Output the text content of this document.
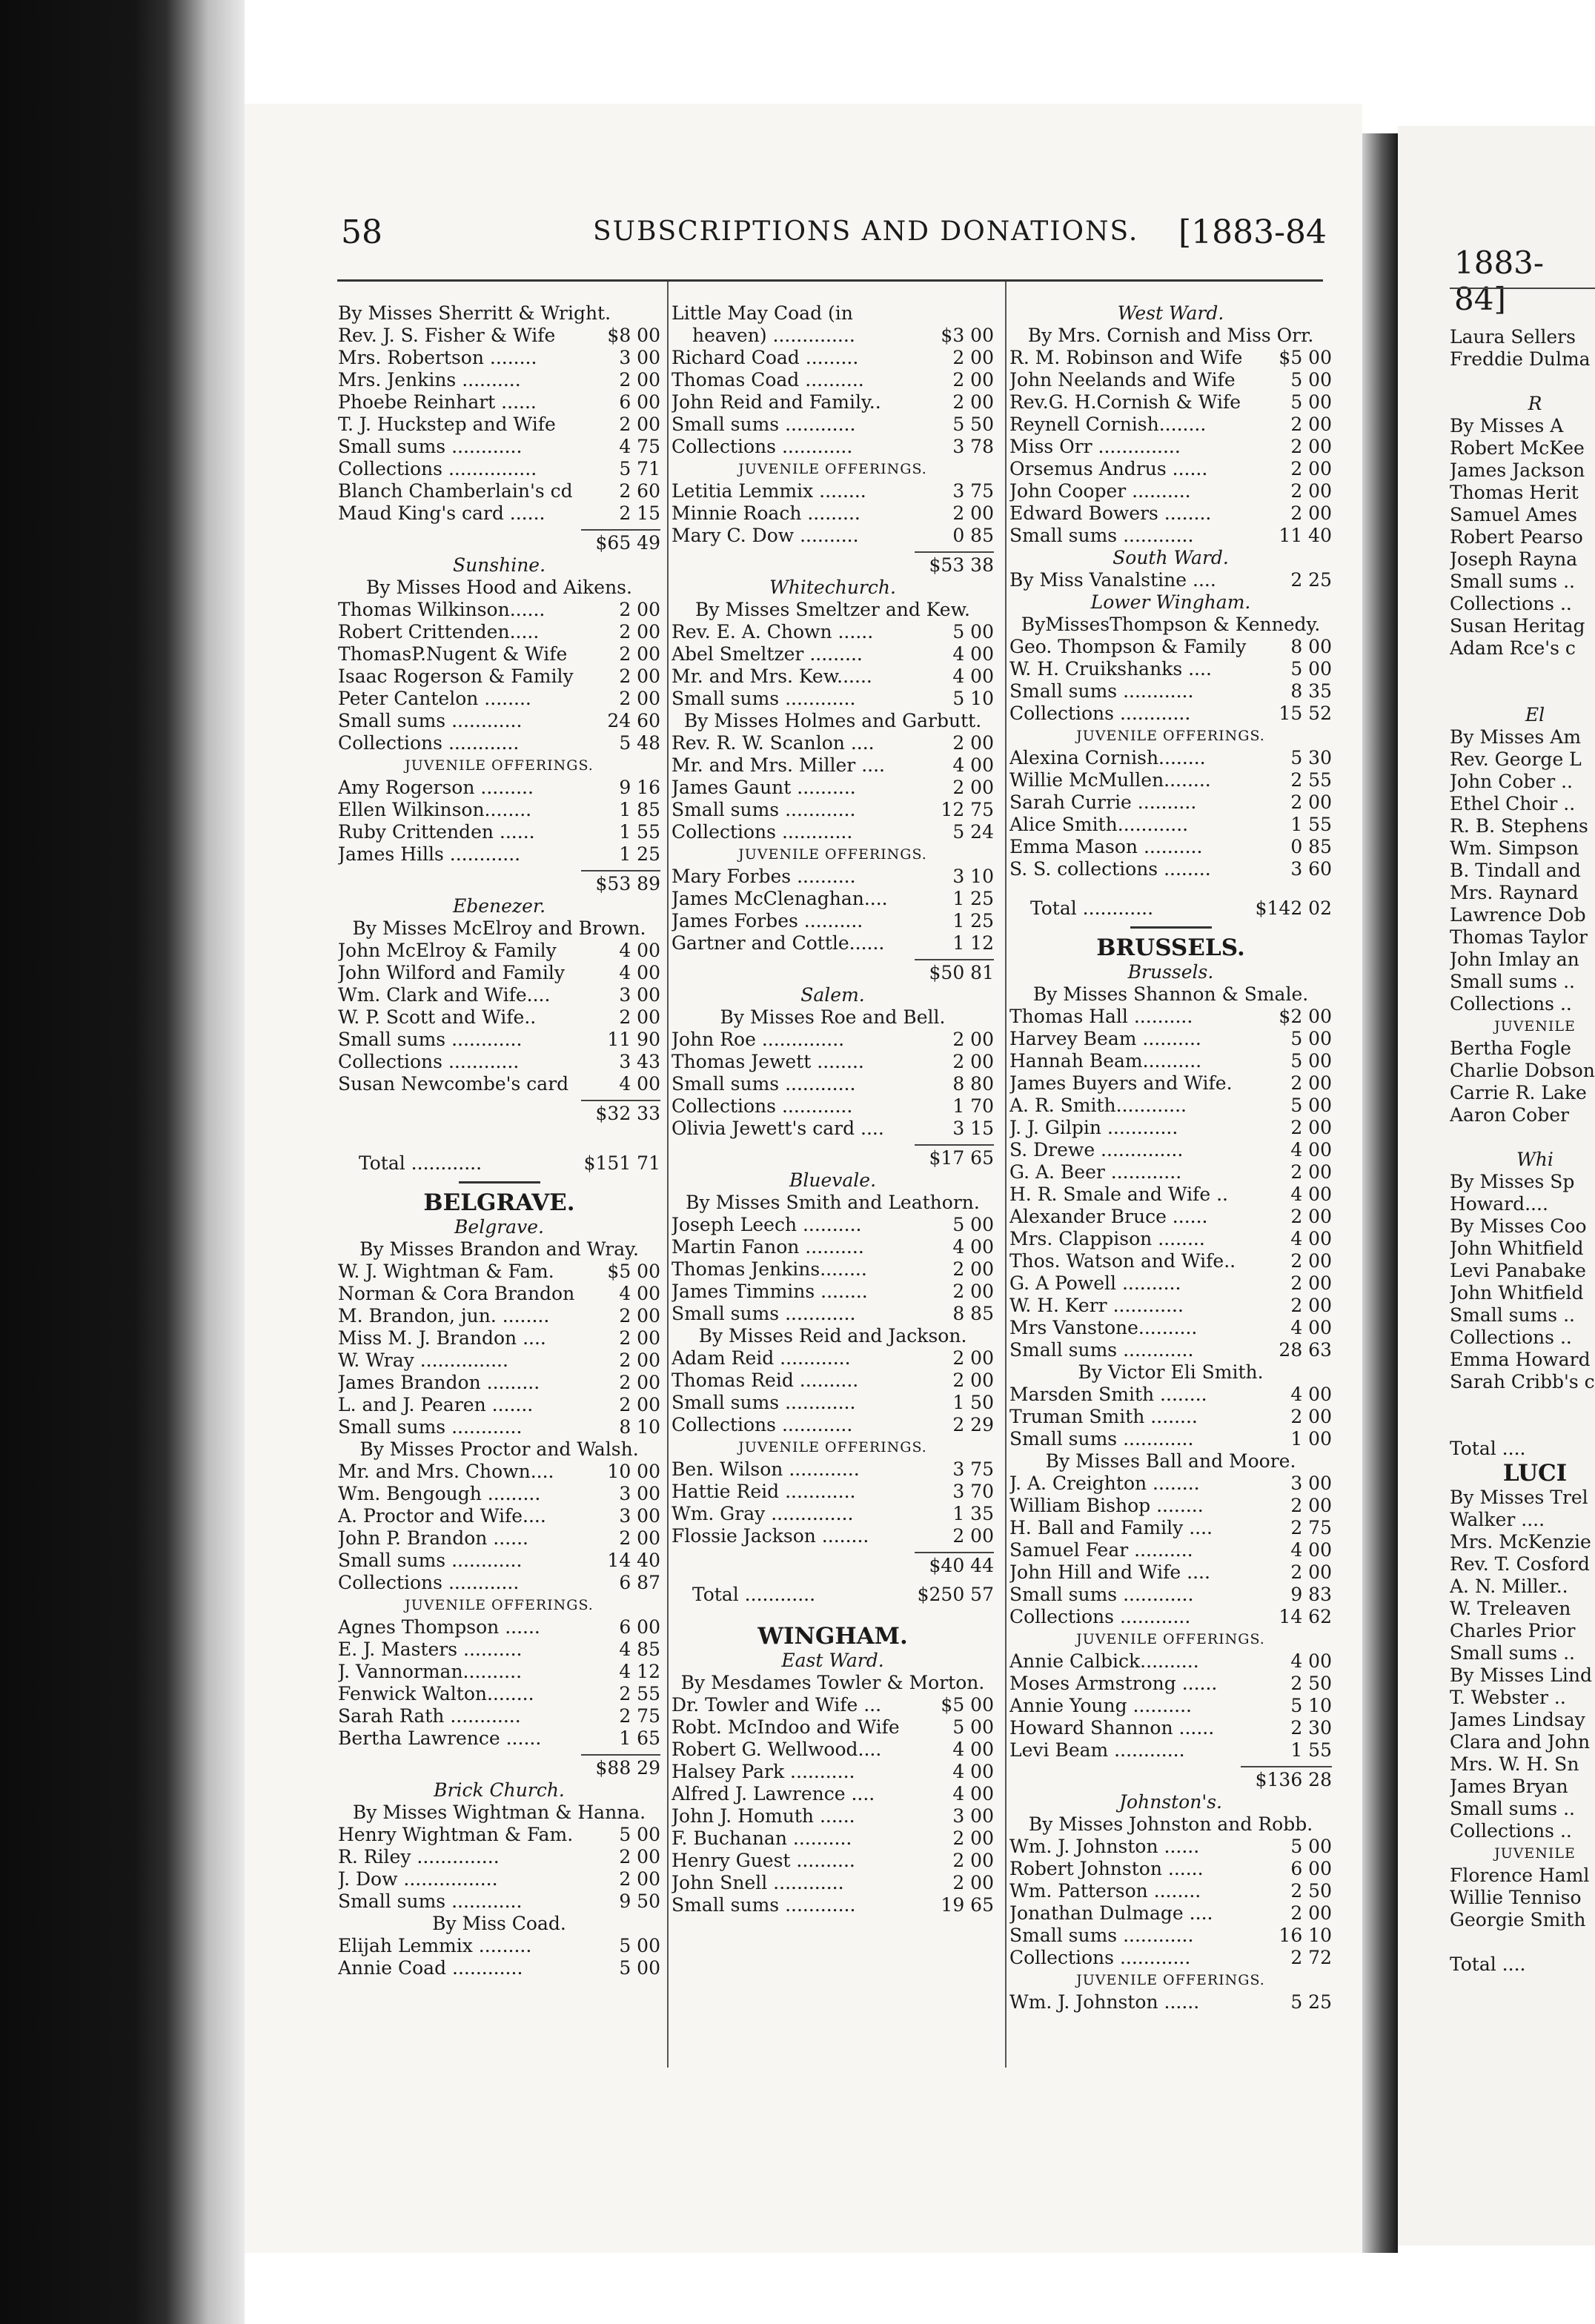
58	SUBSCRIPTIONS AND DONATIONS. [1883-84
By Misses Sherritt & Wright.
Rev. J. S. Fisher & Wife	$8 00
Mrs. Robertson ........	3 00
Mrs. Jenkins ..........	2 00
Phoebe Reinhart ......	6 00
T. J. Huckstep and Wife	2 00
Small sums ............	4 75
Collections ...............	5 71
Blanch Chamberlain's cd	2 60
Maud King's card ......	2 15
$65 49
Sunshine.
By Misses Hood and Aikens.
Thomas Wilkinson......	2 00
Robert Crittenden.....	2 00
ThomasP.Nugent & Wife	2 00
Isaac Rogerson & Family	2 00
Peter Cantelon ........	2 00
Small sums ............	24 60
Collections ............	5 48
JUVENILE OFFERINGS.
Amy Rogerson .........	9 16
Ellen Wilkinson........	1 85
Ruby Crittenden ......	1 55
James Hills ............	1 25
$53 89
Ebenezer.
By Misses McElroy and Brown.
John McElroy & Family	4 00
John Wilford and Family	4 00
Wm. Clark and Wife....	3 00
W. P. Scott and Wife..	2 00
Small sums ............	11 90
Collections ............	3 43
Susan Newcombe's card	4 00
$32 33
Total ............	$151 71
BELGRAVE.
Belgrave.
By Misses Brandon and Wray.
W. J. Wightman & Fam.	$5 00
Norman & Cora Brandon	4 00
M. Brandon, jun. ........	2 00
Miss M. J. Brandon ....	2 00
W. Wray ...............	2 00
James Brandon .........	2 00
L. and J. Pearen .......	2 00
Small sums ............	8 10
By Misses Proctor and Walsh.
Mr. and Mrs. Chown....	10 00
Wm. Bengough .........	3 00
A. Proctor and Wife....	3 00
John P. Brandon ......	2 00
Small sums ............	14 40
Collections ............	6 87
JUVENILE OFFERINGS.
Agnes Thompson ......	6 00
E. J. Masters ..........	4 85
J. Vannorman..........	4 12
Fenwick Walton........	2 55
Sarah Rath ............	2 75
Bertha Lawrence ......	1 65
$88 29
Brick Church.
By Misses Wightman & Hanna.
Henry Wightman & Fam.	5 00
R. Riley ..............	2 00
J. Dow ................	2 00
Small sums ............	9 50
By Miss Coad.
Elijah Lemmix .........	5 00
Annie Coad ............	5 00
Little May Coad (in
heaven) ..............	$3 00
Richard Coad .........	2 00
Thomas Coad ..........	2 00
John Reid and Family..	2 00
Small sums ............	5 50
Collections ............	3 78
JUVENILE OFFERINGS.
Letitia Lemmix ........	3 75
Minnie Roach .........	2 00
Mary C. Dow ..........	0 85
$53 38
Whitechurch.
By Misses Smeltzer and Kew.
Rev. E. A. Chown ......	5 00
Abel Smeltzer .........	4 00
Mr. and Mrs. Kew......	4 00
Small sums ............	5 10
By Misses Holmes and Garbutt.
Rev. R. W. Scanlon ....	2 00
Mr. and Mrs. Miller ....	4 00
James Gaunt ..........	2 00
Small sums ............	12 75
Collections ............	5 24
JUVENILE OFFERINGS.
Mary Forbes ..........	3 10
James McClenaghan....	1 25
James Forbes ..........	1 25
Gartner and Cottle......	1 12
$50 81
Salem.
By Misses Roe and Bell.
John Roe ..............	2 00
Thomas Jewett ........	2 00
Small sums ............	8 80
Collections ............	1 70
Olivia Jewett's card ....	3 15
$17 65
Bluevale.
By Misses Smith and Leathorn.
Joseph Leech ..........	5 00
Martin Fanon ..........	4 00
Thomas Jenkins........	2 00
James Timmins ........	2 00
Small sums ............	8 85
By Misses Reid and Jackson.
Adam Reid ............	2 00
Thomas Reid ..........	2 00
Small sums ............	1 50
Collections ............	2 29
JUVENILE OFFERINGS.
Ben. Wilson ............	3 75
Hattie Reid ............	3 70
Wm. Gray ..............	1 35
Flossie Jackson ........	2 00
$40 44
Total ............	$250 57
WINGHAM.
East Ward.
By Mesdames Towler & Morton.
Dr. Towler and Wife ...	$5 00
Robt. McIndoo and Wife	5 00
Robert G. Wellwood....	4 00
Halsey Park ...........	4 00
Alfred J. Lawrence ....	4 00
John J. Homuth ......	3 00
F. Buchanan ..........	2 00
Henry Guest ..........	2 00
John Snell ............	2 00
Small sums ............	19 65
West Ward.
By Mrs. Cornish and Miss Orr.
R. M. Robinson and Wife	$5 00
John Neelands and Wife	5 00
Rev.G. H.Cornish & Wife	5 00
Reynell Cornish........	2 00
Miss Orr ..............	2 00
Orsemus Andrus ......	2 00
John Cooper ..........	2 00
Edward Bowers ........	2 00
Small sums ............	11 40
South Ward.
By Miss Vanalstine ....	2 25
Lower Wingham.
ByMissesThompson & Kennedy.
Geo. Thompson & Family	8 00
W. H. Cruikshanks ....	5 00
Small sums ............	8 35
Collections ............	15 52
JUVENILE OFFERINGS.
Alexina Cornish........	5 30
Willie McMullen........	2 55
Sarah Currie ..........	2 00
Alice Smith............	1 55
Emma Mason ..........	0 85
S. S. collections ........	3 60
Total ............	$142 02
BRUSSELS.
Brussels.
By Misses Shannon & Smale.
Thomas Hall ..........	$2 00
Harvey Beam ..........	5 00
Hannah Beam..........	5 00
James Buyers and Wife.	2 00
A. R. Smith............	5 00
J. J. Gilpin ............	2 00
S. Drewe ..............	4 00
G. A. Beer ............	2 00
H. R. Smale and Wife ..	4 00
Alexander Bruce ......	2 00
Mrs. Clappison ........	4 00
Thos. Watson and Wife..	2 00
G. A Powell ..........	2 00
W. H. Kerr ............	2 00
Mrs Vanstone..........	4 00
Small sums ............	28 63
By Victor Eli Smith.
Marsden Smith ........	4 00
Truman Smith ........	2 00
Small sums ............	1 00
By Misses Ball and Moore.
J. A. Creighton ........	3 00
William Bishop ........	2 00
H. Ball and Family ....	2 75
Samuel Fear ..........	4 00
John Hill and Wife ....	2 00
Small sums ............	9 83
Collections ............	14 62
JUVENILE OFFERINGS.
Annie Calbick..........	4 00
Moses Armstrong ......	2 50
Annie Young ..........	5 10
Howard Shannon ......	2 30
Levi Beam ............	1 55
$136 28
Johnston's.
By Misses Johnston and Robb.
Wm. J. Johnston ......	5 00
Robert Johnston ......	6 00
Wm. Patterson ........	2 50
Jonathan Dulmage ....	2 00
Small sums ............	16 10
Collections ............	2 72
JUVENILE OFFERINGS.
Wm. J. Johnston ......	5 25
1883-84]
Laura Sellers
Freddie Dulma
R
By Misses A
Robert McKee
James Jackson
Thomas Herit
Samuel Ames
Robert Pearso
Joseph Rayna
Small sums ..
Collections ..
Susan Heritag
Adam Rce's c
El
By Misses Am
Rev. George L
John Cober ..
Ethel Choir ..
R. B. Stephens
Wm. Simpson
B. Tindall and
Mrs. Raynard
Lawrence Dob
Thomas Taylor
John Imlay an
Small sums ..
Collections ..
JUVENILE
Bertha Fogle
Charlie Dobson
Carrie R. Lake
Aaron Cober
Whi
By Misses Sp
Howard....
By Misses Coo
John Whitfield
Levi Panabake
John Whitfield
Small sums ..
Collections ..
Emma Howard
Sarah Cribb's c
Total ....
LUCI
By Misses Trel
Walker ....
Mrs. McKenzie
Rev. T. Cosford
A. N. Miller..
W. Treleaven
Charles Prior
Small sums ..
By Misses Lind
T. Webster ..
James Lindsay
Clara and John
Mrs. W. H. Sn
James Bryan
Small sums ..
Collections ..
JUVENILE
Florence Haml
Willie Tenniso
Georgie Smith
Total ....
